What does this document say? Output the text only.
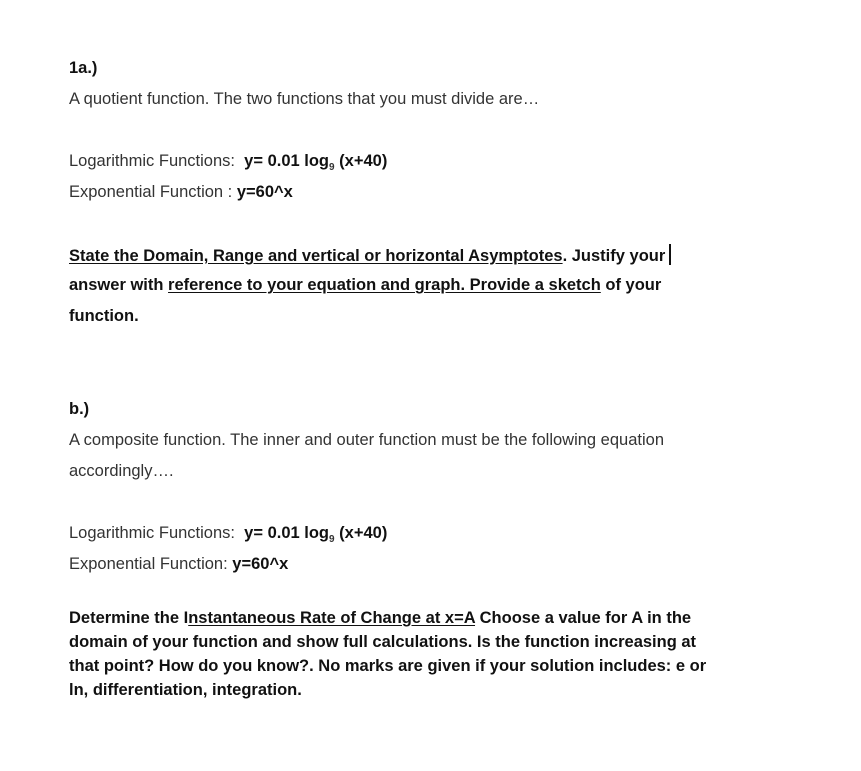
1a.)
A quotient function. The two functions that you must divide are…
Logarithmic Functions: y= 0.01 $\log_9 (x+40)$
Exponential Function : y=60^x
State the Domain, Range and vertical or horizontal Asymptotes. Justify your
answer with reference to your equation and graph. Provide a sketch of your
function.
b.)
A composite function. The inner and outer function must be the following equation
accordingly….
Logarithmic Functions: y= 0.01 $\log_9 (x+40)$
Exponential Function: y=60^x
Determine the Instantaneous Rate of Change at x=A Choose a value for A in the
domain of your function and show full calculations. Is the function increasing at
that point? How do you know?. No marks are given if your solution includes: e or
ln, differentiation, integration.
